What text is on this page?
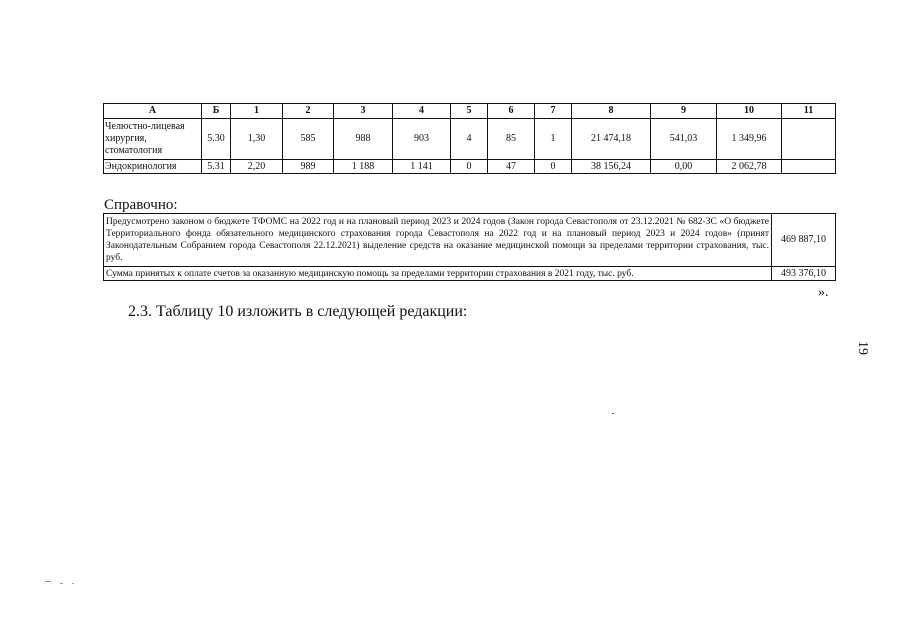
А	Б	1	2	3	4	5	6	7	8	9	10	11

Челюстно-лицевая
хирургия,
стоматология	5.30	1,30	585	988	903	4	85	1	21 474,18	541,03	1 349,96	

Эндокринология	5.31	2,20	989	1 188	1 141	0	47	0	38 156,24	0,00	2 062,78	
Справочно:
Предусмотрено законом о бюджете ТФОМС на 2022 год и на плановый период 2023 и 2024 годов (Закон города Севастополя от 23.12.2021 № 682-ЗС «О бюджете Территориального фонда обязательного медицинского страхования города Севастополя на 2022 год и на плановый период 2023 и 2024 годов» (принят Законодательным Собранием города Севастополя 22.12.2021) выделение средств на оказание медицинской помощи за пределами территории страхования, тыс. руб.	469 887,10
Сумма принятых к оплате счетов за оказанную медицинскую помощь за пределами территории страхования в 2021 году, тыс. руб.	493 376,10
».
2.3. Таблицу 10 изложить в следующей редакции:
19
